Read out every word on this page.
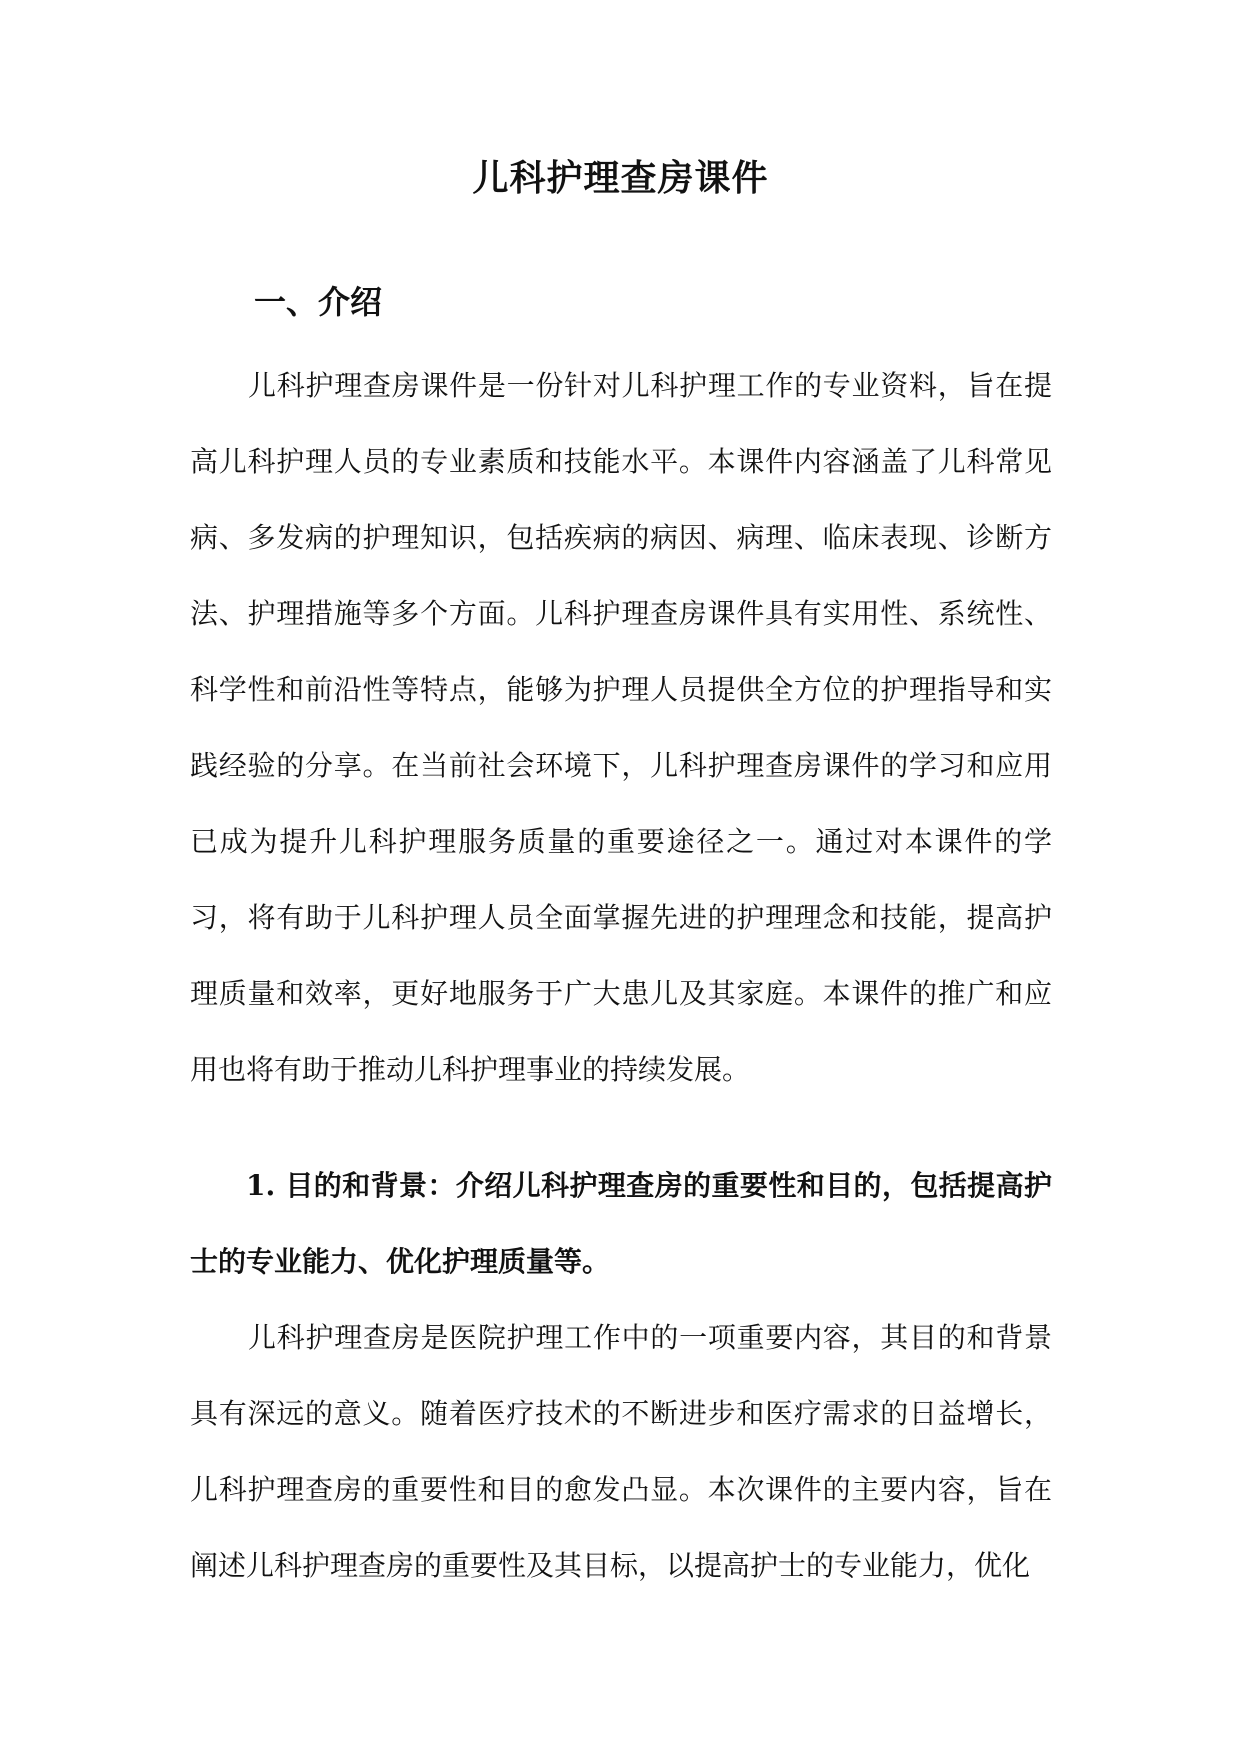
儿科护理查房课件
一、介绍

儿科护理查房课件是一份针对儿科护理工作的专业资料，旨在提高儿科护理人员的专业素质和技能水平。本课件内容涵盖了儿科常见病、多发病的护理知识，包括疾病的病因、病理、临床表现、诊断方法、护理措施等多个方面。儿科护理查房课件具有实用性、系统性、科学性和前沿性等特点，能够为护理人员提供全方位的护理指导和实践经验的分享。在当前社会环境下，儿科护理查房课件的学习和应用已成为提升儿科护理服务质量的重要途径之一。通过对本课件的学习，将有助于儿科护理人员全面掌握先进的护理理念和技能，提高护理质量和效率，更好地服务于广大患儿及其家庭。本课件的推广和应用也将有助于推动儿科护理事业的持续发展。

1. 目的和背景：介绍儿科护理查房的重要性和目的，包括提高护士的专业能力、优化护理质量等。

儿科护理查房是医院护理工作中的一项重要内容，其目的和背景具有深远的意义。随着医疗技术的不断进步和医疗需求的日益增长，儿科护理查房的重要性和目的愈发凸显。本次课件的主要内容，旨在阐述儿科护理查房的重要性及其目标，以提高护士的专业能力，优化
